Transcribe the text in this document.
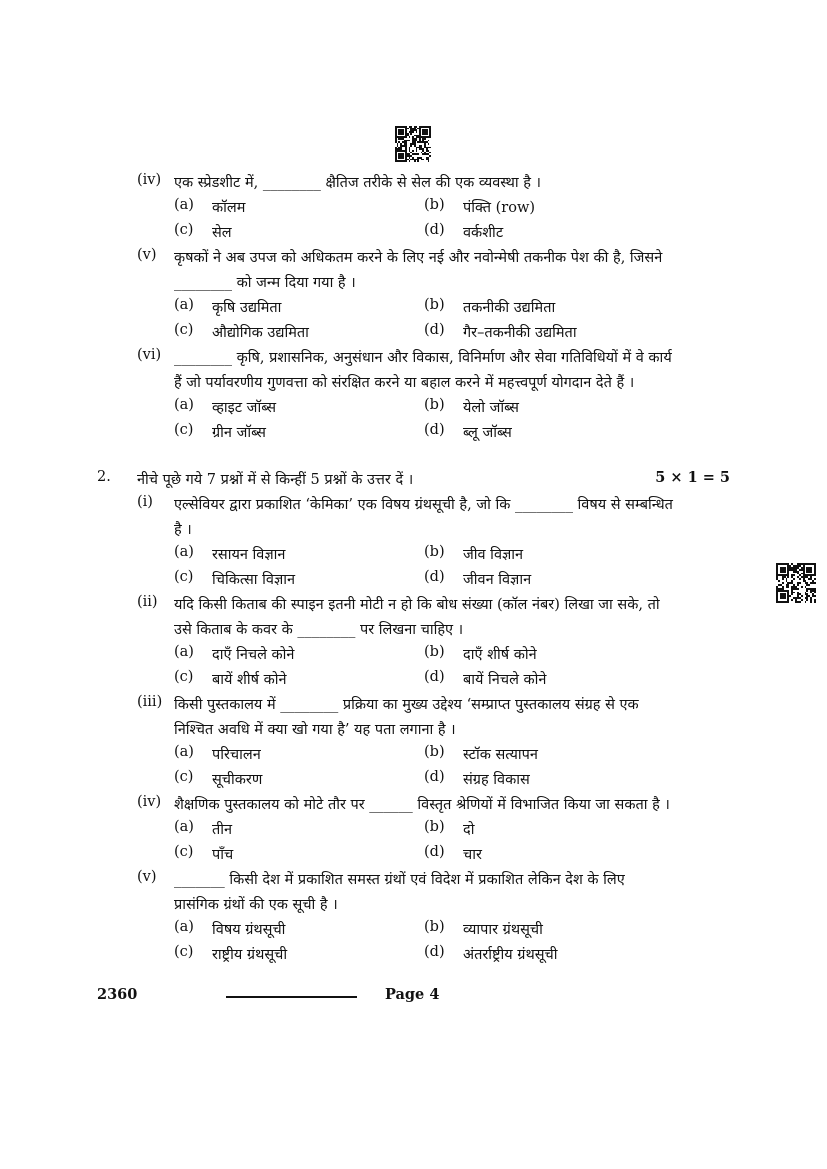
(iv) एक स्प्रेडशीट में, ________ क्षैतिज तरीके से सेल की एक व्यवस्था है ।
(a) कॉलम	(b) पंक्ति (row)
(c) सेल	(d) वर्कशीट
(v) कृषकों ने अब उपज को अधिकतम करने के लिए नई और नवोन्मेषी तकनीक पेश की है, जिसने
________ को जन्म दिया गया है ।
(a) कृषि उद्यमिता	(b) तकनीकी उद्यमिता
(c) औद्योगिक उद्यमिता	(d) गैर–तकनीकी उद्यमिता
(vi) ________ कृषि, प्रशासनिक, अनुसंधान और विकास, विनिर्माण और सेवा गतिविधियों में वे कार्य
हैं जो पर्यावरणीय गुणवत्ता को संरक्षित करने या बहाल करने में महत्त्वपूर्ण योगदान देते हैं ।
(a) व्हाइट जॉब्स	(b) येलो जॉब्स
(c) ग्रीन जॉब्स	(d) ब्लू जॉब्स
(i) एल्सेवियर द्वारा प्रकाशित ‘केमिका’ एक विषय ग्रंथसूची है, जो कि ________ विषय से सम्बन्धित
है ।
(a) रसायन विज्ञान	(b) जीव विज्ञान
(c) चिकित्सा विज्ञान	(d) जीवन विज्ञान
(ii) यदि किसी किताब की स्पाइन इतनी मोटी न हो कि बोध संख्या (कॉल नंबर) लिखा जा सके, तो
उसे किताब के कवर के ________ पर लिखना चाहिए ।
(a) दाएँ निचले कोने	(b) दाएँ शीर्ष कोने
(c) बायें शीर्ष कोने	(d) बायें निचले कोने
(iii) किसी पुस्तकालय में ________ प्रक्रिया का मुख्य उद्देश्य ‘सम्प्राप्त पुस्तकालय संग्रह से एक
निश्चित अवधि में क्या खो गया है’ यह पता लगाना है ।
(a) परिचालन	(b) स्टॉक सत्यापन
(c) सूचीकरण	(d) संग्रह विकास
(iv) शैक्षणिक पुस्तकालय को मोटे तौर पर ______ विस्तृत श्रेणियों में विभाजित किया जा सकता है ।
(a) तीन	(b) दो
(c) पाँच	(d) चार
(v) _______ किसी देश में प्रकाशित समस्त ग्रंथों एवं विदेश में प्रकाशित लेकिन देश के लिए
प्रासंगिक ग्रंथों की एक सूची है ।
(a) विषय ग्रंथसूची	(b) व्यापार ग्रंथसूची
(c) राष्ट्रीय ग्रंथसूची	(d) अंतर्राष्ट्रीय ग्रंथसूची
2. नीचे पूछे गये 7 प्रश्नों में से किन्हीं 5 प्रश्नों के उत्तर दें ।	5 × 1 = 5
2360	Page 4
